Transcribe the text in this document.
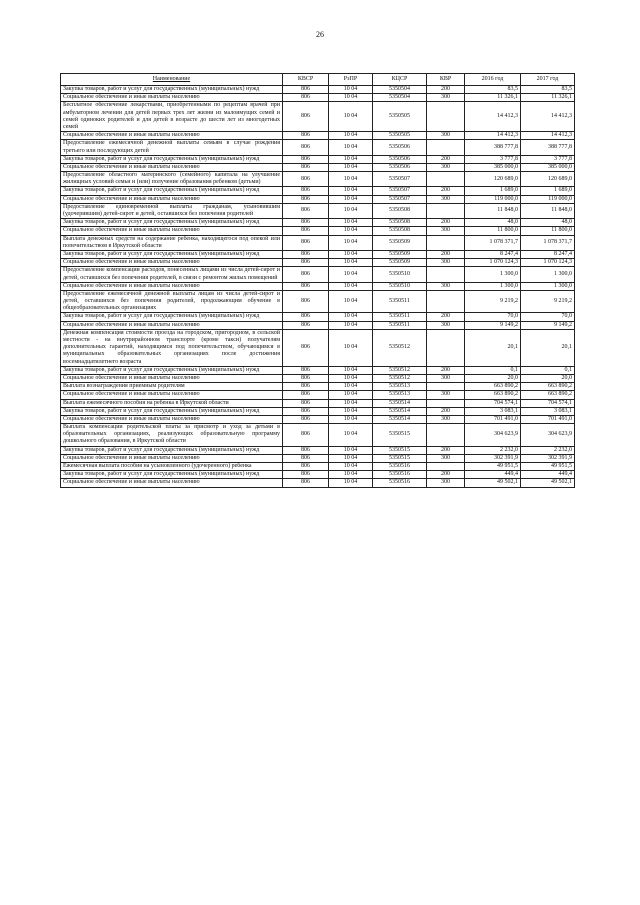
26
Наименование	КВСР	РзПР	КЦСР	КВР	2016 год	2017 год
Закупка товаров, работ и услуг для государственных (муниципальных) нужд	806	10 04	5350504	200	83,5	83,5
Социальное обеспечение и иные выплаты населению	806	10 04	5350504	300	11 326,1	11 326,1
Бесплатное обеспечение лекарствами, приобретенными по рецептам врачей при амбулаторном лечении для детей первых трех лет жизни из малоимущих семей и семей одиноких родителей и для детей в возрасте до шести лет из многодетных семей	806	10 04	5350505		14 412,3	14 412,3
Социальное обеспечение и иные выплаты населению	806	10 04	5350505	300	14 412,3	14 412,3
Предоставление ежемесячной денежной выплаты семьям в случае рождения третьего или последующих детей	806	10 04	5350506		388 777,8	388 777,8
Закупка товаров, работ и услуг для государственных (муниципальных) нужд	806	10 04	5350506	200	3 777,8	3 777,8
Социальное обеспечение и иные выплаты населению	806	10 04	5350506	300	385 000,0	385 000,0
Предоставление областного материнского (семейного) капитала на улучшение жилищных условий семьи и (или) получение образования ребенком (детьми)	806	10 04	5350507		120 689,0	120 689,0
Закупка товаров, работ и услуг для государственных (муниципальных) нужд	806	10 04	5350507	200	1 689,0	1 689,0
Социальное обеспечение и иные выплаты населению	806	10 04	5350507	300	119 000,0	119 000,0
Предоставление единовременной выплаты гражданам, усыновившим (удочерившим) детей-сирот и детей, оставшихся без попечения родителей	806	10 04	5350508		11 848,0	11 848,0
Закупка товаров, работ и услуг для государственных (муниципальных) нужд	806	10 04	5350508	200	48,0	48,0
Социальное обеспечение и иные выплаты населению	806	10 04	5350508	300	11 800,0	11 800,0
Выплата денежных средств на содержание ребенка, находящегося под опекой или попечительством в Иркутской области	806	10 04	5350509		1 078 371,7	1 078 371,7
Закупка товаров, работ и услуг для государственных (муниципальных) нужд	806	10 04	5350509	200	8 247,4	8 247,4
Социальное обеспечение и иные выплаты населению	806	10 04	5350509	300	1 070 124,3	1 070 124,3
Предоставление компенсации расходов, понесенных лицами из числа детей-сирот и детей, оставшихся без попечения родителей, в связи с ремонтом жилых помещений	806	10 04	5350510		1 300,0	1 300,0
Социальное обеспечение и иные выплаты населению	806	10 04	5350510	300	1 300,0	1 300,0
Предоставление ежемесячной денежной выплаты лицам из числа детей-сирот и детей, оставшихся без попечения родителей, продолжающим обучение в общеобразовательных организациях	806	10 04	5350511		9 219,2	9 219,2
Закупка товаров, работ и услуг для государственных (муниципальных) нужд	806	10 04	5350511	200	70,0	70,0
Социальное обеспечение и иные выплаты населению	806	10 04	5350511	300	9 149,2	9 149,2
Денежная компенсация стоимости проезда на городском, пригородном, в сельской местности - на внутрирайонном транспорте (кроме такси) получателям дополнительных гарантий, находящимся под попечительством, обучающимся в муниципальных образовательных организациях после достижения восемнадцатилетнего возраста	806	10 04	5350512		20,1	20,1
Закупка товаров, работ и услуг для государственных (муниципальных) нужд	806	10 04	5350512	200	0,1	0,1
Социальное обеспечение и иные выплаты населению	806	10 04	5350512	300	20,0	20,0
Выплата вознаграждения приемным родителям	806	10 04	5350513		663 890,2	663 890,2
Социальное обеспечение и иные выплаты населению	806	10 04	5350513	300	663 890,2	663 890,2
Выплата ежемесячного пособия на ребенка в Иркутской области	806	10 04	5350514		704 574,1	704 574,1
Закупка товаров, работ и услуг для государственных (муниципальных) нужд	806	10 04	5350514	200	3 083,1	3 083,1
Социальное обеспечение и иные выплаты населению	806	10 04	5350514	300	701 491,0	701 491,0
Выплата компенсации родительской платы за присмотр и уход за детьми в образовательных организациях, реализующих образовательную программу дошкольного образования, в Иркутской области	806	10 04	5350515		304 623,9	304 623,9
Закупка товаров, работ и услуг для государственных (муниципальных) нужд	806	10 04	5350515	200	2 232,0	2 232,0
Социальное обеспечение и иные выплаты населению	806	10 04	5350515	300	302 391,9	302 391,9
Ежемесячная выплата пособия на усыновленного (удочеренного) ребенка	806	10 04	5350516		49 951,5	49 951,5
Закупка товаров, работ и услуг для государственных (муниципальных) нужд	806	10 04	5350516	200	449,4	449,4
Социальное обеспечение и иные выплаты населению	806	10 04	5350516	300	49 502,1	49 502,1
